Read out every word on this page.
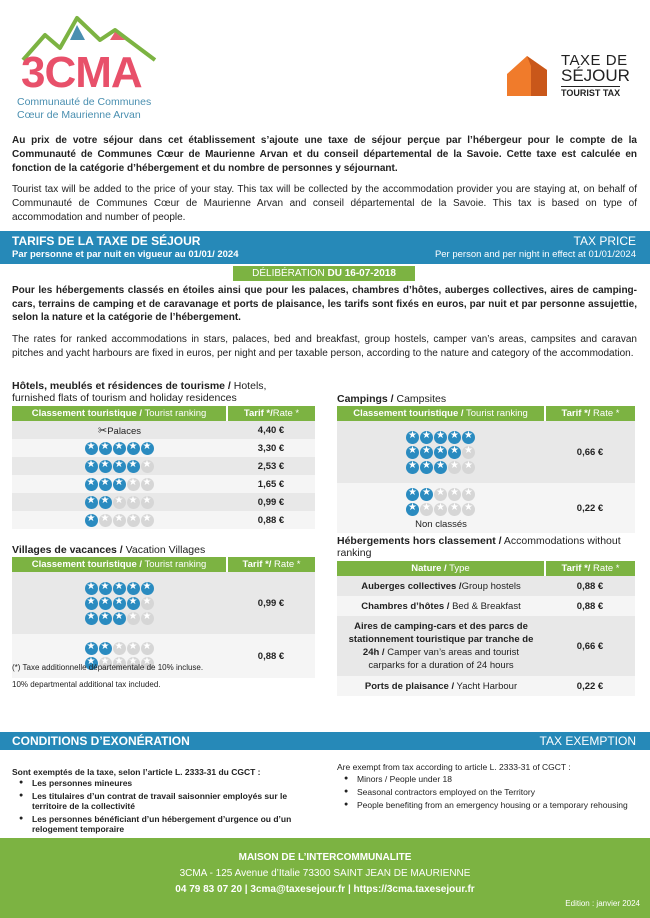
3CMA
Communauté de Communes
Cœur de Maurienne Arvan
TAXE DE
SÉJOUR
TOURIST TAX
Au prix de votre séjour dans cet établissement s’ajoute une taxe de séjour perçue par l’hébergeur pour le compte de la Communauté de Communes Cœur de Maurienne Arvan et du conseil départemental de la Savoie. Cette taxe est calculée en fonction de la catégorie d’hébergement et du nombre de personnes y séjournant.
Tourist tax will be added to the price of your stay. This tax will be collected by the accommodation provider you are staying at, on behalf of Communauté de Communes Cœur de Maurienne Arvan and conseil départemental de la Savoie. This tax is based on type of accommodation and number of people.
TARIFS DE LA TAXE DE SÉJOUR	TAX PRICE
Par personne et par nuit en vigueur au 01/01/ 2024	Per person and per night in effect at 01/01/2024
DÉLIBÉRATION DU 16-07-2018
Pour les hébergements classés en étoiles ainsi que pour les palaces, chambres d’hôtes, auberges collectives, aires de camping-cars, terrains de camping et de caravanage et ports de plaisance, les tarifs sont fixés en euros, par nuit et par personne assujettie, selon la nature et la catégorie de l’hébergement.
The rates for ranked accommodations in stars, palaces, bed and breakfast, group hostels, camper van’s areas, campsites and caravan pitches and yacht harbours are fixed in euros, per night and per taxable person, according to the nature and category of the accommodation.
Hôtels, meublés et résidences de tourisme / Hotels, furnished flats of tourism and holiday residences
Classement touristique / Tourist ranking	Tarif */Rate *
✂Palaces	4,40 €
★★★★★	3,30 €
★★★★★	2,53 €
★★★★★	1,65 €
★★★★★	0,99 €
★★★★★	0,88 €
Villages de vacances / Vacation Villages
Classement touristique / Tourist ranking	Tarif */ Rate *

★★★★★
★★★★★
★★★★★
	0,99 €

★★★★★
★★★★★
	0,88 €
(*) Taxe additionnelle départementale de 10% incluse.
10% departmental additional tax included.
Campings / Campsites
Classement touristique / Tourist ranking	Tarif */ Rate *

★★★★★
★★★★★
★★★★★
	0,66 €

★★★★★
★★★★★
Non classés	0,22 €
Hébergements hors classement / Accommodations without ranking
Nature / Type	Tarif */ Rate *
Auberges collectives /Group hostels	0,88 €
Chambres d’hôtes / Bed & Breakfast	0,88 €
Aires de camping-cars et des parcs de stationnement touristique par tranche de 24h / Camper van’s areas and tourist carparks for a duration of 24 hours	0,66 €
Ports de plaisance / Yacht Harbour	0,22 €
CONDITIONS D’EXONÉRATION	TAX EXEMPTION
Sont exemptés de la taxe, selon l’article L. 2333-31 du CGCT :
● Les personnes mineures
● Les titulaires d’un contrat de travail saisonnier employés sur le territoire de la collectivité
● Les personnes bénéficiant d’un hébergement d’urgence ou d’un relogement temporaire
Are exempt from tax according to article L. 2333-31 of CGCT :
● Minors / People under 18
● Seasonal contractors employed on the Territory
● People benefiting from an emergency housing or a temporary rehousing
MAISON DE L’INTERCOMMUNALITE
3CMA - 125 Avenue d’Italie 73300 SAINT JEAN DE MAURIENNE
04 79 83 07 20 | 3cma@taxesejour.fr | https://3cma.taxesejour.fr
Edition : janvier 2024
